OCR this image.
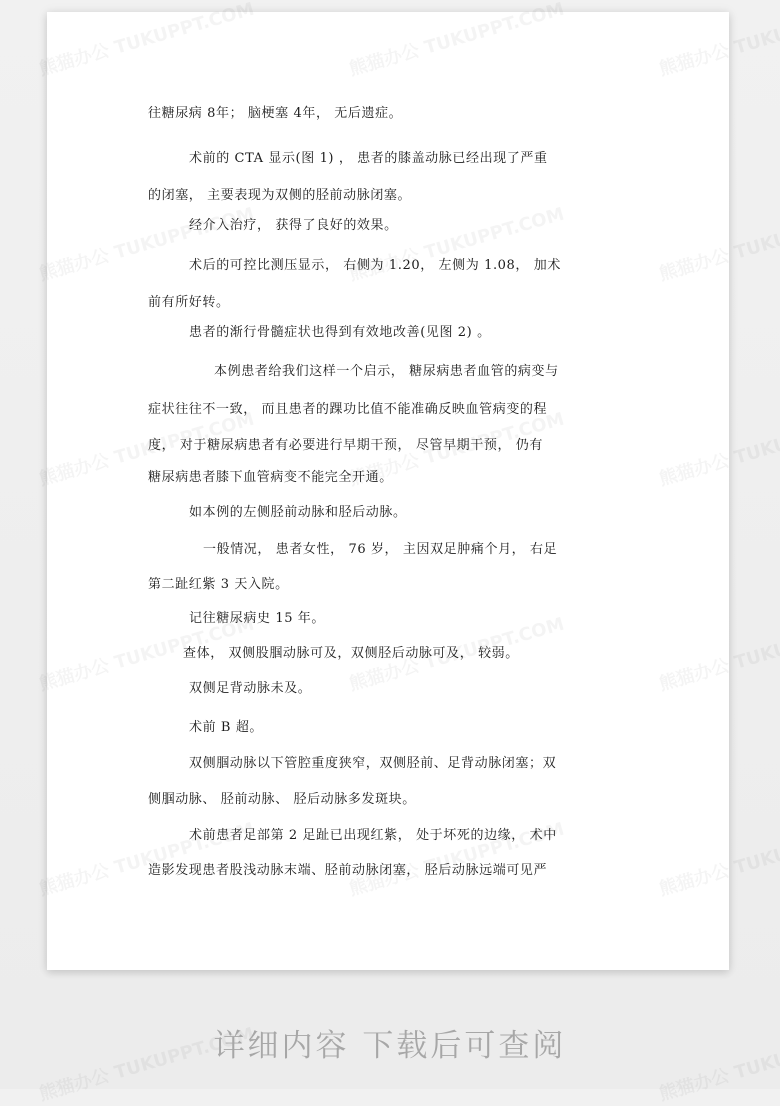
往糖尿病 8年； 脑梗塞 4年， 无后遗症。
术前的 CTA 显示(图 1) ， 患者的膝盖动脉已经出现了严重
的闭塞， 主要表现为双侧的胫前动脉闭塞。
经介入治疗， 获得了良好的效果。
术后的可控比测压显示， 右侧为 1.20， 左侧为 1.08， 加术
前有所好转。
患者的渐行骨髓症状也得到有效地改善(见图 2) 。
本例患者给我们这样一个启示， 糖尿病患者血管的病变与
症状往往不一致， 而且患者的踝功比值不能准确反映血管病变的程
度， 对于糖尿病患者有必要进行早期干预， 尽管早期干预， 仍有
糖尿病患者膝下血管病变不能完全开通。
如本例的左侧胫前动脉和胫后动脉。
一般情况， 患者女性， 76 岁， 主因双足肿痛个月， 右足
第二趾红紫 3 天入院。
记往糖尿病史 15 年。
查体， 双侧股腘动脉可及，双侧胫后动脉可及， 较弱。
双侧足背动脉未及。
术前 B 超。
双侧腘动脉以下管腔重度狭窄，双侧胫前、足背动脉闭塞；双
侧腘动脉、 胫前动脉、 胫后动脉多发斑块。
术前患者足部第 2 足趾已出现红紫， 处于坏死的边缘， 术中
造影发现患者股浅动脉末端、胫前动脉闭塞， 胫后动脉远端可见严
详细内容 下载后可查阅
